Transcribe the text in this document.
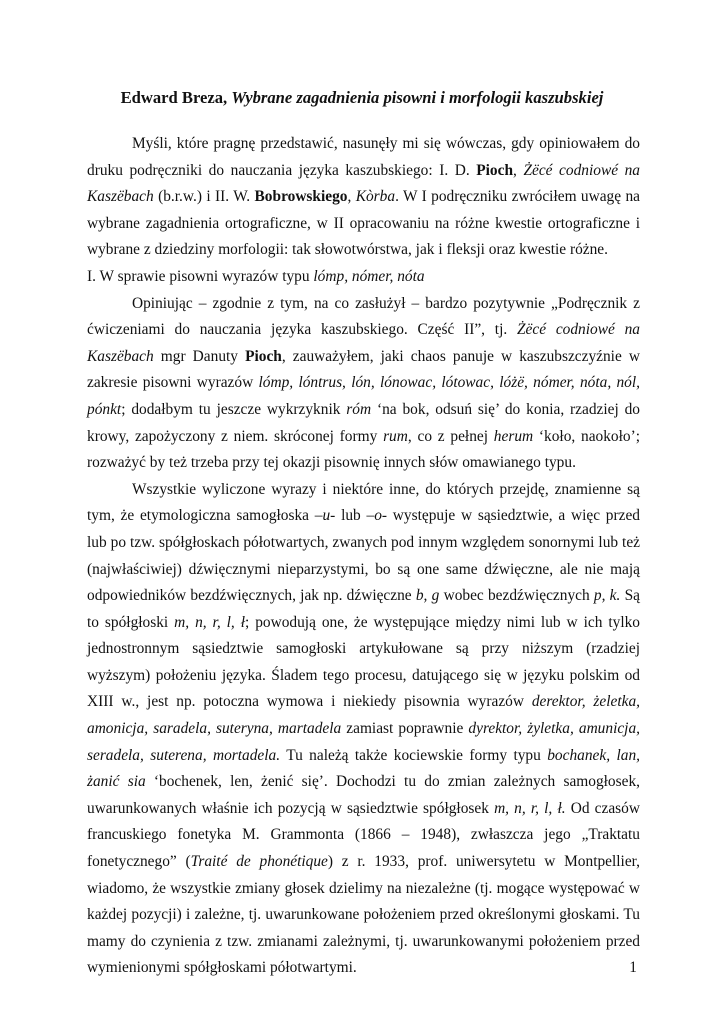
Edward Breza, Wybrane zagadnienia pisowni i morfologii kaszubskiej

Myśli, które pragnę przedstawić, nasunęły mi się wówczas, gdy opiniowałem do druku podręczniki do nauczania języka kaszubskiego: I. D. Pioch, Żëcé codniowé na Kaszëbach (b.r.w.) i II. W. Bobrowskiego, Kòrba. W I podręczniku zwróciłem uwagę na wybrane zagadnienia ortograficzne, w II opracowaniu na różne kwestie ortograficzne i wybrane z dziedziny morfologii: tak słowotwórstwa, jak i fleksji oraz kwestie różne.

I. W sprawie pisowni wyrazów typu lómp, nómer, nóta

Opiniując – zgodnie z tym, na co zasłużył – bardzo pozytywnie „Podręcznik z ćwiczeniami do nauczania języka kaszubskiego. Część II”, tj. Żëcé codniowé na Kaszëbach mgr Danuty Pioch, zauważyłem, jaki chaos panuje w kaszubszczyźnie w zakresie pisowni wyrazów lómp, lóntrus, lón, lónowac, lótowac, lóżë, nómer, nóta, nól, pónkt; dodałbym tu jeszcze wykrzyknik róm ‘na bok, odsuń się’ do konia, rzadziej do krowy, zapożyczony z niem. skróconej formy rum, co z pełnej herum ‘koło, naokoło’; rozważyć by też trzeba przy tej okazji pisownię innych słów omawianego typu.

Wszystkie wyliczone wyrazy i niektóre inne, do których przejdę, znamienne są tym, że etymologiczna samogłoska –u- lub –o- występuje w sąsiedztwie, a więc przed lub po tzw. spółgłoskach półotwartych, zwanych pod innym względem sonornymi lub też (najwłaściwiej) dźwięcznymi nieparzystymi, bo są one same dźwięczne, ale nie mają odpowiedników bezdźwięcznych, jak np. dźwięczne b, g wobec bezdźwięcznych p, k. Są to spółgłoski m, n, r, l, ł; powodują one, że występujące między nimi lub w ich tylko jednostronnym sąsiedztwie samogłoski artykułowane są przy niższym (rzadziej wyższym) położeniu języka. Śladem tego procesu, datującego się w języku polskim od XIII w., jest np. potoczna wymowa i niekiedy pisownia wyrazów derektor, żeletka, amonicja, saradela, suteryna, martadela zamiast poprawnie dyrektor, żyletka, amunicja, seradela, suterena, mortadela. Tu należą także kociewskie formy typu bochanek, lan, żanić sia ‘bochenek, len, żenić się’. Dochodzi tu do zmian zależnych samogłosek, uwarunkowanych właśnie ich pozycją w sąsiedztwie spółgłosek m, n, r, l, ł. Od czasów francuskiego fonetyka M. Grammonta (1866 – 1948), zwłaszcza jego „Traktatu fonetycznego” (Traité de phonétique) z r. 1933, prof. uniwersytetu w Montpellier, wiadomo, że wszystkie zmiany głosek dzielimy na niezależne (tj. mogące występować w każdej pozycji) i zależne, tj. uwarunkowane położeniem przed określonymi głoskami. Tu mamy do czynienia z tzw. zmianami zależnymi, tj. uwarunkowanymi położeniem przed wymienionymi spółgłoskami półotwartymi.	1
